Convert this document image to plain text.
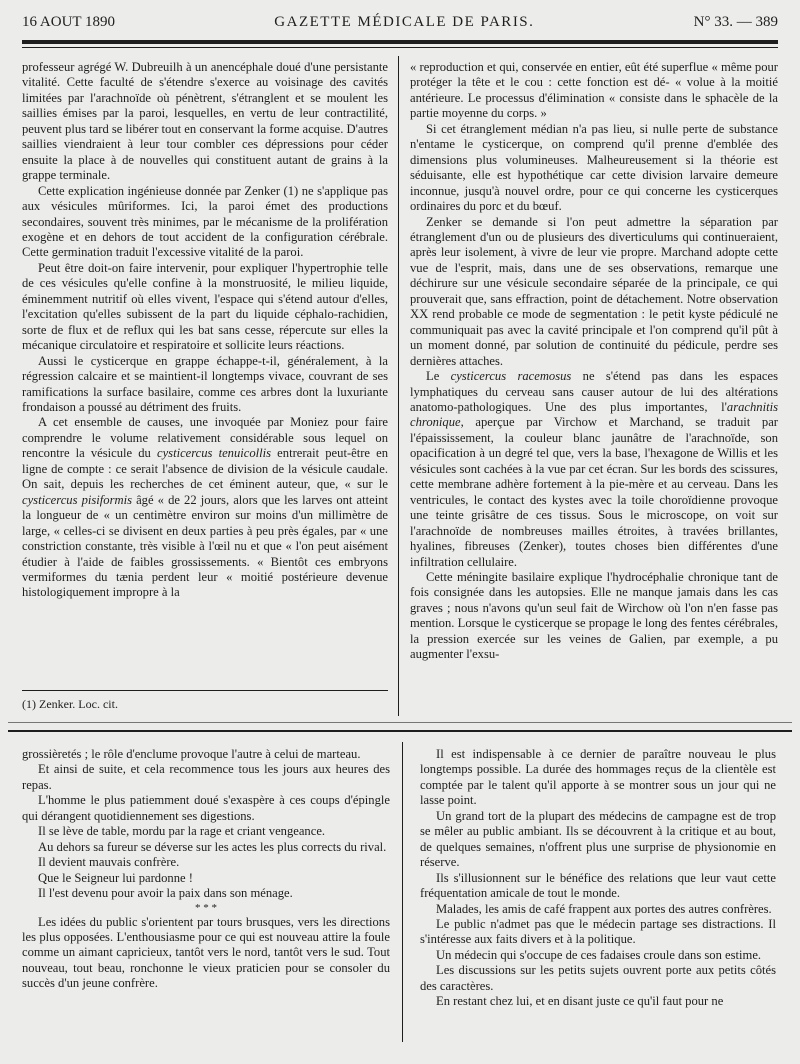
16 AOUT 1890	GAZETTE MÉDICALE DE PARIS.	N° 33. — 389

professeur agrégé W. Dubreuilh à un anencéphale doué d'une persistante vitalité. Cette faculté de s'étendre s'exerce au voisinage des cavités limitées par l'arachnoïde où pénètrent, s'étranglent et se moulent les saillies émises par la paroi, lesquelles, en vertu de leur contractilité, peuvent plus tard se libérer tout en conservant la forme acquise. D'autres saillies viendraient à leur tour combler ces dépressions pour céder ensuite la place à de nouvelles qui constituent autant de grains à la grappe terminale.

Cette explication ingénieuse donnée par Zenker (1) ne s'applique pas aux vésicules mûriformes. Ici, la paroi émet des productions secondaires, souvent très minimes, par le mécanisme de la prolifération exogène et en dehors de tout accident de la configuration cérébrale. Cette germination traduit l'excessive vitalité de la paroi.

Peut être doit-on faire intervenir, pour expliquer l'hypertrophie telle de ces vésicules qu'elle confine à la monstruosité, le milieu liquide, éminemment nutritif où elles vivent, l'espace qui s'étend autour d'elles, l'excitation qu'elles subissent de la part du liquide céphalo-rachidien, sorte de flux et de reflux qui les bat sans cesse, répercute sur elles la mécanique circulatoire et respiratoire et sollicite leurs réactions.

Aussi le cysticerque en grappe échappe-t-il, généralement, à la régression calcaire et se maintient-il longtemps vivace, couvrant de ses ramifications la surface basilaire, comme ces arbres dont la luxuriante frondaison a poussé au détriment des fruits.

A cet ensemble de causes, une invoquée par Moniez pour faire comprendre le volume relativement considérable sous lequel on rencontre la vésicule du cysticercus tenuicollis entrerait peut-être en ligne de compte : ce serait l'absence de division de la vésicule caudale. On sait, depuis les recherches de cet éminent auteur, que, « sur le cysticercus pisiformis âgé « de 22 jours, alors que les larves ont atteint la longueur de « un centimètre environ sur moins d'un millimètre de large, « celles-ci se divisent en deux parties à peu près égales, par « une constriction constante, très visible à l'œil nu et que « l'on peut aisément étudier à l'aide de faibles grossissements. « Bientôt ces embryons vermiformes du tænia perdent leur « moitié postérieure devenue histologiquement impropre à la

« reproduction et qui, conservée en entier, eût été superflue « même pour protéger la tête et le cou : cette fonction est dé- « volue à la moitié antérieure. Le processus d'élimination « consiste dans le sphacèle de la partie moyenne du corps. »

Si cet étranglement médian n'a pas lieu, si nulle perte de substance n'entame le cysticerque, on comprend qu'il prenne d'emblée des dimensions plus volumineuses. Malheureusement si la théorie est séduisante, elle est hypothétique car cette division larvaire demeure inconnue, jusqu'à nouvel ordre, pour ce qui concerne les cysticerques ordinaires du porc et du bœuf.

Zenker se demande si l'on peut admettre la séparation par étranglement d'un ou de plusieurs des diverticulums qui continueraient, après leur isolement, à vivre de leur vie propre. Marchand adopte cette vue de l'esprit, mais, dans une de ses observations, remarque une déchirure sur une vésicule secondaire séparée de la principale, ce qui prouverait que, sans effraction, point de détachement. Notre observation XX rend probable ce mode de segmentation : le petit kyste pédiculé ne communiquait pas avec la cavité principale et l'on comprend qu'il pût à un moment donné, par solution de continuité du pédicule, perdre ses dernières attaches.

Le cysticercus racemosus ne s'étend pas dans les espaces lymphatiques du cerveau sans causer autour de lui des altérations anatomo-pathologiques. Une des plus importantes, l'arachnitis chronique, aperçue par Virchow et Marchand, se traduit par l'épaississement, la couleur blanc jaunâtre de l'arachnoïde, son opacification à un degré tel que, vers la base, l'hexagone de Willis et les vésicules sont cachées à la vue par cet écran. Sur les bords des scissures, cette membrane adhère fortement à la pie-mère et au cerveau. Dans les ventricules, le contact des kystes avec la toile choroïdienne provoque une teinte grisâtre de ces tissus. Sous le microscope, on voit sur l'arachnoïde de nombreuses mailles étroites, à travées brillantes, hyalines, fibreuses (Zenker), toutes choses bien différentes d'une infiltration cellulaire.

Cette méningite basilaire explique l'hydrocéphalie chronique tant de fois consignée dans les autopsies. Elle ne manque jamais dans les cas graves ; nous n'avons qu'un seul fait de Wirchow où l'on n'en fasse pas mention. Lorsque le cysticerque se propage le long des fentes cérébrales, la pression exercée sur les veines de Galien, par exemple, a pu augmenter l'exsu-

(1) Zenker. Loc. cit.

grossièretés ; le rôle d'enclume provoque l'autre à celui de marteau.

Et ainsi de suite, et cela recommence tous les jours aux heures des repas.

L'homme le plus patiemment doué s'exaspère à ces coups d'épingle qui dérangent quotidiennement ses digestions.

Il se lève de table, mordu par la rage et criant vengeance.

Au dehors sa fureur se déverse sur les actes les plus corrects du rival.

Il devient mauvais confrère.

Que le Seigneur lui pardonne !

Il l'est devenu pour avoir la paix dans son ménage.

* * *

Les idées du public s'orientent par tours brusques, vers les directions les plus opposées. L'enthousiasme pour ce qui est nouveau attire la foule comme un aimant capricieux, tantôt vers le nord, tantôt vers le sud. Tout nouveau, tout beau, ronchonne le vieux praticien pour se consoler du succès d'un jeune confrère.

Il est indispensable à ce dernier de paraître nouveau le plus longtemps possible. La durée des hommages reçus de la clientèle est comptée par le talent qu'il apporte à se montrer sous un jour qui ne lasse point.

Un grand tort de la plupart des médecins de campagne est de trop se mêler au public ambiant. Ils se découvrent à la critique et au bout, de quelques semaines, n'offrent plus une surprise de physionomie en réserve.

Ils s'illusionnent sur le bénéfice des relations que leur vaut cette fréquentation amicale de tout le monde.

Malades, les amis de café frappent aux portes des autres confrères.

Le public n'admet pas que le médecin partage ses distractions. Il s'intéresse aux faits divers et à la politique.

Un médecin qui s'occupe de ces fadaises croule dans son estime.

Les discussions sur les petits sujets ouvrent porte aux petits côtés des caractères.

En restant chez lui, et en disant juste ce qu'il faut pour ne
